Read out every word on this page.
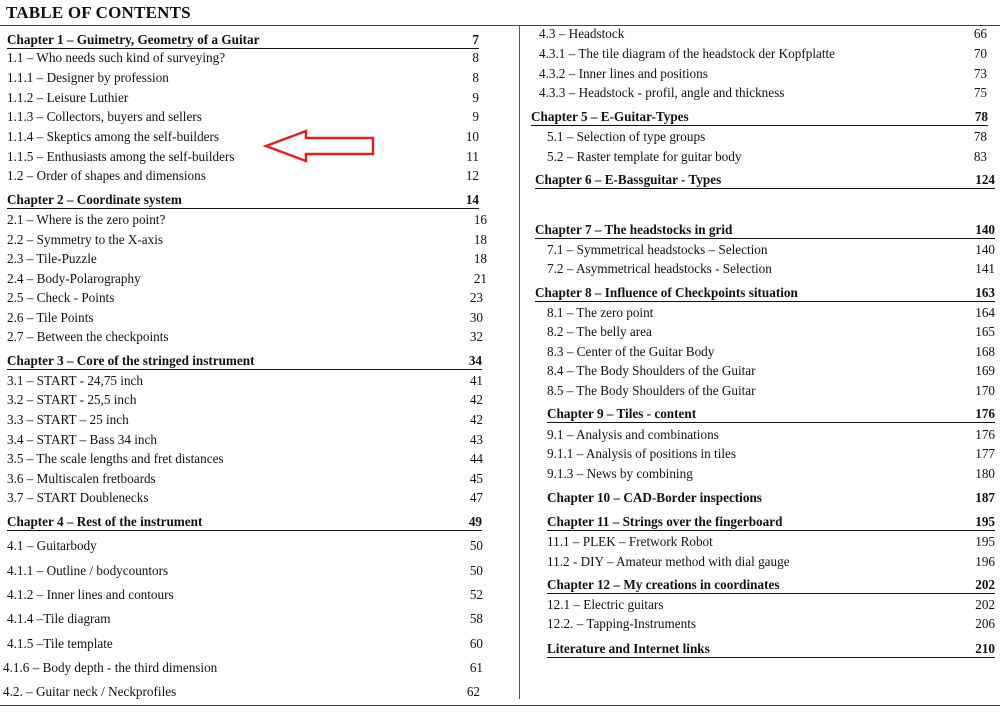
TABLE OF CONTENTS
Chapter 1 – Guimetry, Geometry of a Guitar	7
1.1 – Who needs such kind of surveying?	8
1.1.1 – Designer by profession	8
1.1.2 – Leisure Luthier	9
1.1.3 – Collectors, buyers and sellers	9
1.1.4 – Skeptics among the self-builders	10
1.1.5 – Enthusiasts among the self-builders	11
1.2 – Order of shapes and dimensions	12
Chapter 2 – Coordinate system	14
2.1 – Where is the zero point?	16
2.2 – Symmetry to the X-axis	18
2.3 – Tile-Puzzle	18
2.4 – Body-Polarography	21
2.5 – Check - Points	23
2.6 – Tile Points	30
2.7 – Between the checkpoints	32
Chapter 3 – Core of the stringed instrument	34
3.1 – START - 24,75 inch	41
3.2 – START - 25,5 inch	42
3.3 – START – 25 inch	42
3.4 – START – Bass 34 inch	43
3.5 – The scale lengths and fret distances	44
3.6 – Multiscalen fretboards	45
3.7 – START Doublenecks	47
Chapter 4 – Rest of the instrument	49
4.1 – Guitarbody	50
4.1.1 – Outline / bodycountors	50
4.1.2 – Inner lines and contours	52
4.1.4 –Tile diagram	58
4.1.5 –Tile template	60
4.1.6 – Body depth - the third dimension	61
4.2. – Guitar neck / Neckprofiles	62
4.3 – Headstock	66
4.3.1 – The tile diagram of the headstock der Kopfplatte	70
4.3.2 – Inner lines and positions	73
4.3.3 – Headstock - profil, angle and thickness	75
Chapter 5 – E-Guitar-Types	78
5.1 – Selection of type groups	78
5.2 – Raster template for guitar body	83
Chapter 6 – E-Bassguitar - Types	124
Chapter 7 – The headstocks in grid	140
7.1 – Symmetrical headstocks – Selection	140
7.2 – Asymmetrical headstocks - Selection	141
Chapter 8 – Influence of Checkpoints situation	163
8.1 – The zero point	164
8.2 – The belly area	165
8.3 – Center of the Guitar Body	168
8.4 – The Body Shoulders of the Guitar	169
8.5 – The Body Shoulders of the Guitar	170
Chapter 9 – Tiles - content	176
9.1 – Analysis and combinations	176
9.1.1 – Analysis of positions in tiles	177
9.1.3 – News by combining	180
Chapter 10 – CAD-Border inspections	187
Chapter 11 – Strings over the fingerboard	195
11.1 – PLEK – Fretwork Robot	195
11.2 - DIY – Amateur method with dial gauge	196
Chapter 12 – My creations in coordinates	202
12.1 – Electric guitars	202
12.2. – Tapping-Instruments	206
Literature and Internet links	210
